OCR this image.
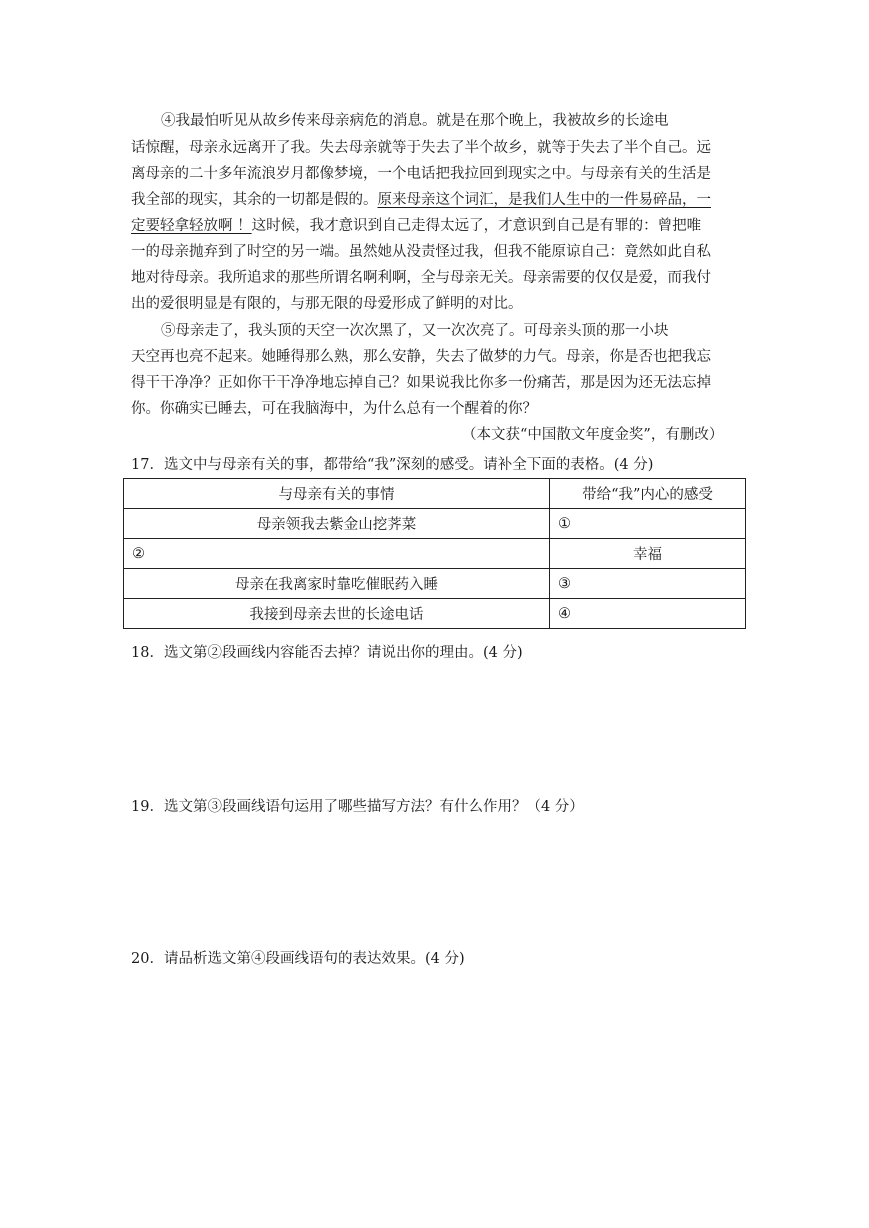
④我最怕听见从故乡传来母亲病危的消息。就是在那个晚上，我被故乡的长途电
话惊醒，母亲永远离开了我。失去母亲就等于失去了半个故乡，就等于失去了半个自己。远
离母亲的二十多年流浪岁月都像梦境，一个电话把我拉回到现实之中。与母亲有关的生活是
我全部的现实，其余的一切都是假的。原来母亲这个词汇，是我们人生中的一件易碎品，一
定要轻拿轻放啊 ！这时候，我才意识到自己走得太远了，才意识到自己是有罪的：曾把唯
一的母亲抛弃到了时空的另一端。虽然她从没责怪过我，但我不能原谅自己：竟然如此自私
地对待母亲。我所追求的那些所谓名啊利啊，全与母亲无关。母亲需要的仅仅是爱，而我付
出的爱很明显是有限的，与那无限的母爱形成了鲜明的对比。
⑤母亲走了，我头顶的天空一次次黑了，又一次次亮了。可母亲头顶的那一小块
天空再也亮不起来。她睡得那么熟，那么安静，失去了做梦的力气。母亲，你是否也把我忘
得干干净净？正如你干干净净地忘掉自己？如果说我比你多一份痛苦，那是因为还无法忘掉
你。你确实已睡去，可在我脑海中，为什么总有一个醒着的你？
（本文获“中国散文年度金奖”，有删改）
17．选文中与母亲有关的事，都带给“我”深刻的感受。请补全下面的表格。(4 分)
与母亲有关的事情	带给“我”内心的感受
母亲领我去紫金山挖荠菜	①
②	幸福
母亲在我离家时靠吃催眠药入睡	③
我接到母亲去世的长途电话	④
18．选文第②段画线内容能否去掉？请说出你的理由。(4 分)
19．选文第③段画线语句运用了哪些描写方法？有什么作用？（4 分）
20．请品析选文第④段画线语句的表达效果。(4 分)
